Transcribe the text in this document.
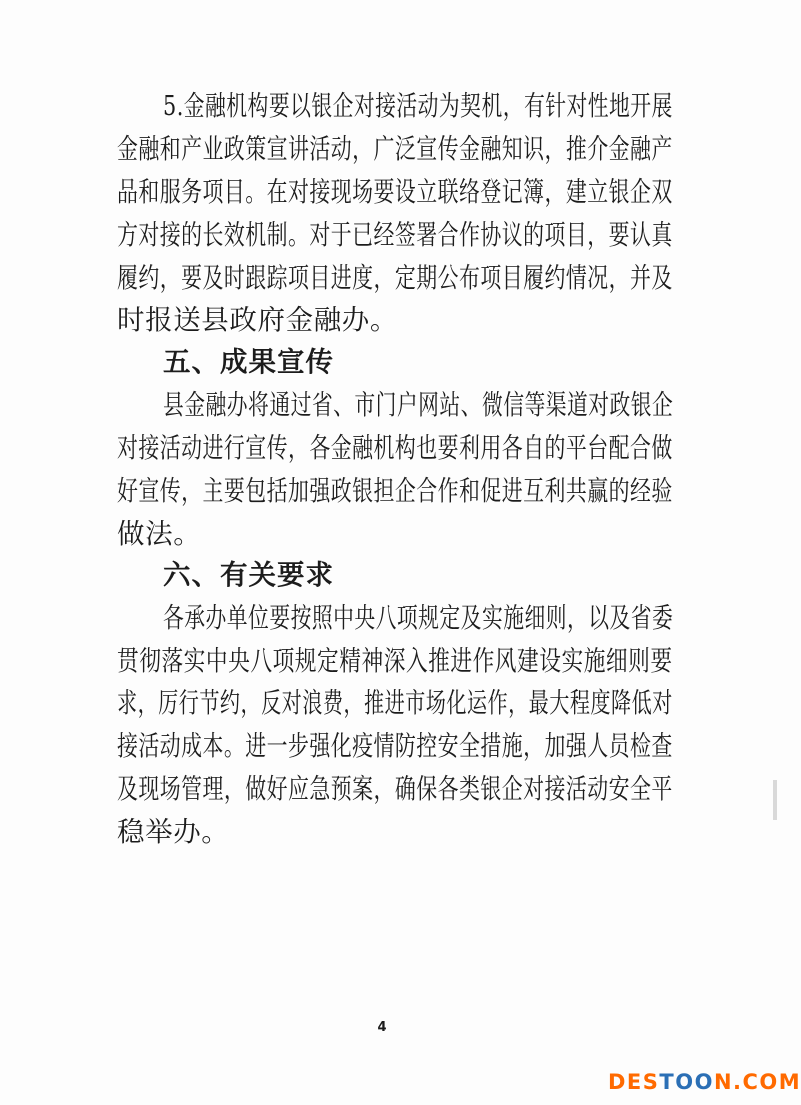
5.金融机构要以银企对接活动为契机，有针对性地开展
金融和产业政策宣讲活动，广泛宣传金融知识，推介金融产
品和服务项目。在对接现场要设立联络登记簿，建立银企双
方对接的长效机制。对于已经签署合作协议的项目，要认真
履约，要及时跟踪项目进度，定期公布项目履约情况，并及
时报送县政府金融办。
五、成果宣传
县金融办将通过省、市门户网站、微信等渠道对政银企
对接活动进行宣传，各金融机构也要利用各自的平台配合做
好宣传，主要包括加强政银担企合作和促进互利共赢的经验
做法。
六、有关要求
各承办单位要按照中央八项规定及实施细则，以及省委
贯彻落实中央八项规定精神深入推进作风建设实施细则要
求，厉行节约，反对浪费，推进市场化运作，最大程度降低对
接活动成本。进一步强化疫情防控安全措施，加强人员检查
及现场管理，做好应急预案，确保各类银企对接活动安全平
稳举办。
4
DESTOON.COM
